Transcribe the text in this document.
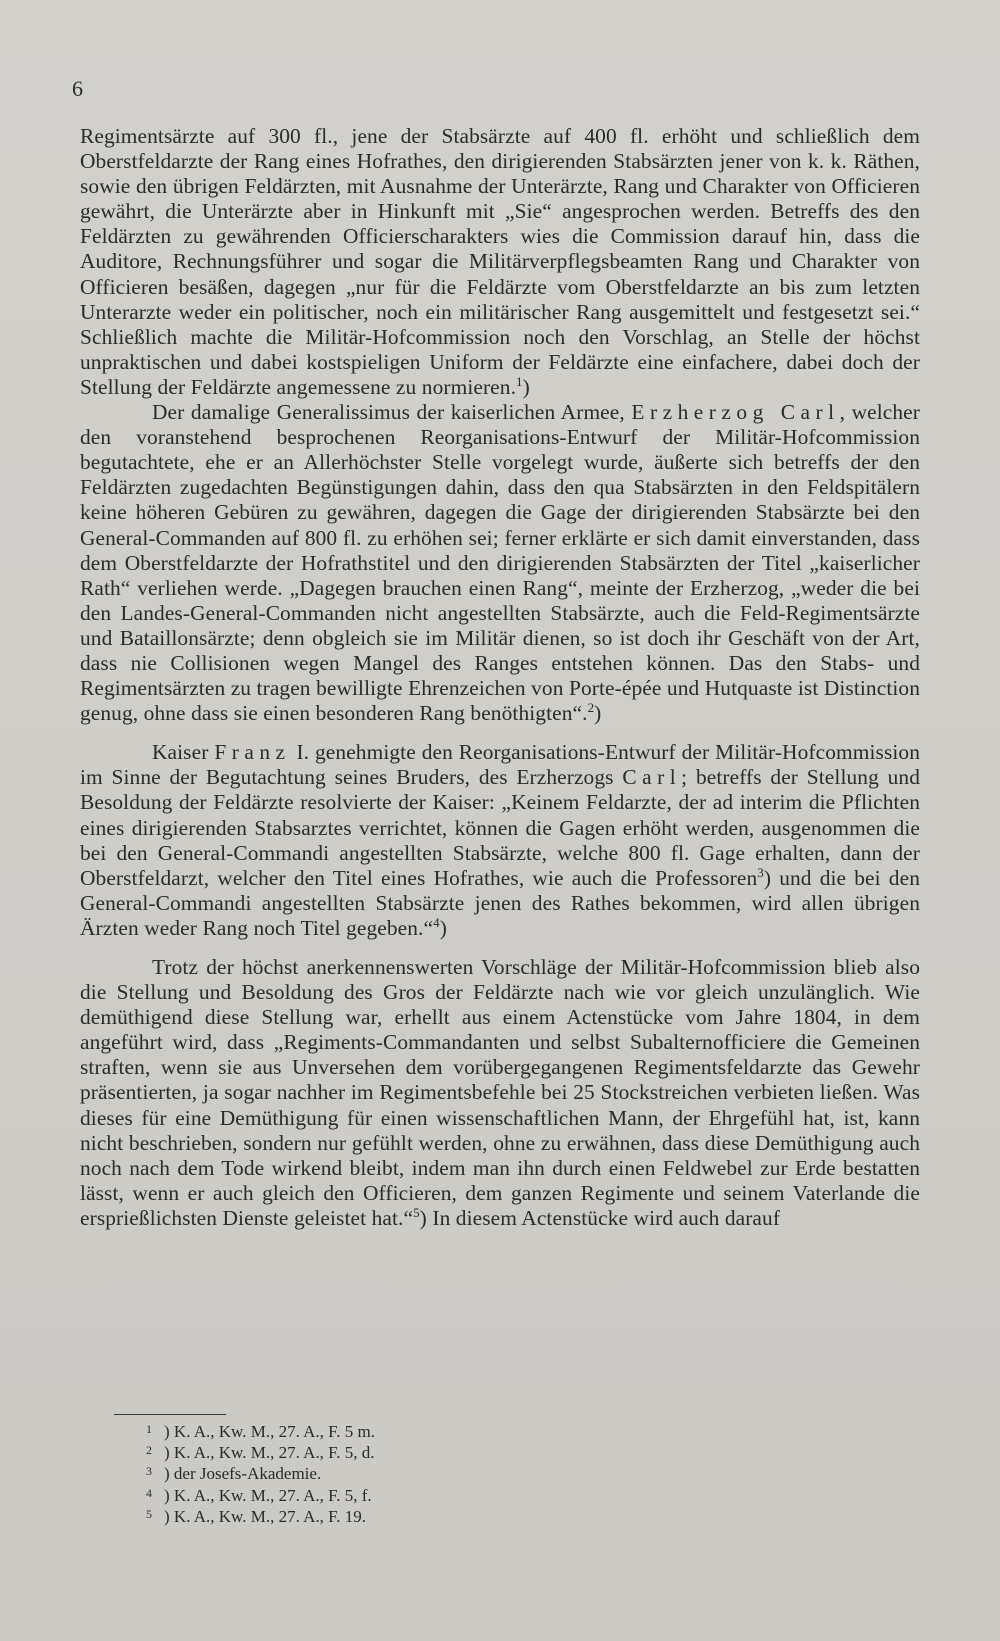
6

Regimentsärzte auf 300 fl., jene der Stabsärzte auf 400 fl. erhöht und schließlich dem Oberstfeldarzte der Rang eines Hofrathes, den dirigierenden Stabsärzten jener von k. k. Räthen, sowie den übrigen Feldärzten, mit Ausnahme der Unterärzte, Rang und Charakter von Officieren gewährt, die Unterärzte aber in Hinkunft mit „Sie“ angesprochen werden. Betreffs des den Feldärzten zu gewährenden Officierscharakters wies die Commission darauf hin, dass die Auditore, Rechnungsführer und sogar die Militärverpflegsbeamten Rang und Charakter von Officieren besäßen, dagegen „nur für die Feldärzte vom Oberstfeldarzte an bis zum letzten Unterarzte weder ein politischer, noch ein militärischer Rang ausgemittelt und festgesetzt sei.“ Schließlich machte die Militär-Hofcommission noch den Vorschlag, an Stelle der höchst unpraktischen und dabei kostspieligen Uniform der Feldärzte eine einfachere, dabei doch der Stellung der Feldärzte angemessene zu normieren.$^1$)

Der damalige Generalissimus der kaiserlichen Armee, Erzherzog Carl, welcher den voranstehend besprochenen Reorganisations-Entwurf der Militär-Hofcommission begutachtete, ehe er an Allerhöchster Stelle vorgelegt wurde, äußerte sich betreffs der den Feldärzten zugedachten Begünstigungen dahin, dass den qua Stabsärzten in den Feldspitälern keine höheren Gebüren zu gewähren, dagegen die Gage der dirigierenden Stabsärzte bei den General-Commanden auf 800 fl. zu erhöhen sei; ferner erklärte er sich damit einverstanden, dass dem Oberstfeldarzte der Hofrathstitel und den dirigierenden Stabsärzten der Titel „kaiserlicher Rath“ verliehen werde. „Dagegen brauchen einen Rang“, meinte der Erzherzog, „weder die bei den Landes-General-Commanden nicht angestellten Stabsärzte, auch die Feld-Regimentsärzte und Bataillonsärzte; denn obgleich sie im Militär dienen, so ist doch ihr Geschäft von der Art, dass nie Collisionen wegen Mangel des Ranges entstehen können. Das den Stabs- und Regimentsärzten zu tragen bewilligte Ehrenzeichen von Porte-épée und Hutquaste ist Distinction genug, ohne dass sie einen besonderen Rang benöthigten“.$^2$)

Kaiser Franz I. genehmigte den Reorganisations-Entwurf der Militär-Hofcommission im Sinne der Begutachtung seines Bruders, des Erzherzogs Carl; betreffs der Stellung und Besoldung der Feldärzte resolvierte der Kaiser: „Keinem Feldarzte, der ad interim die Pflichten eines dirigierenden Stabsarztes verrichtet, können die Gagen erhöht werden, ausgenommen die bei den General-Commandi angestellten Stabsärzte, welche 800 fl. Gage erhalten, dann der Oberstfeldarzt, welcher den Titel eines Hofrathes, wie auch die Professoren$^3$) und die bei den General-Commandi angestellten Stabsärzte jenen des Rathes bekommen, wird allen übrigen Ärzten weder Rang noch Titel gegeben.“$^4$)

Trotz der höchst anerkennenswerten Vorschläge der Militär-Hofcommission blieb also die Stellung und Besoldung des Gros der Feldärzte nach wie vor gleich unzulänglich. Wie demüthigend diese Stellung war, erhellt aus einem Actenstücke vom Jahre 1804, in dem angeführt wird, dass „Regiments-Commandanten und selbst Subalternofficiere die Gemeinen straften, wenn sie aus Unversehen dem vorübergegangenen Regimentsfeldarzte das Gewehr präsentierten, ja sogar nachher im Regimentsbefehle bei 25 Stockstreichen verbieten ließen. Was dieses für eine Demüthigung für einen wissenschaftlichen Mann, der Ehrgefühl hat, ist, kann nicht beschrieben, sondern nur gefühlt werden, ohne zu erwähnen, dass diese Demüthigung auch noch nach dem Tode wirkend bleibt, indem man ihn durch einen Feldwebel zur Erde bestatten lässt, wenn er auch gleich den Officieren, dem ganzen Regimente und seinem Vaterlande die ersprießlichsten Dienste geleistet hat.“$^5$) In diesem Actenstücke wird auch darauf

1 ) K. A., Kw. M., 27. A., F. 5 m.
2 ) K. A., Kw. M., 27. A., F. 5, d.
3 ) der Josefs-Akademie.
4 ) K. A., Kw. M., 27. A., F. 5, f.
5 ) K. A., Kw. M., 27. A., F. 19.
